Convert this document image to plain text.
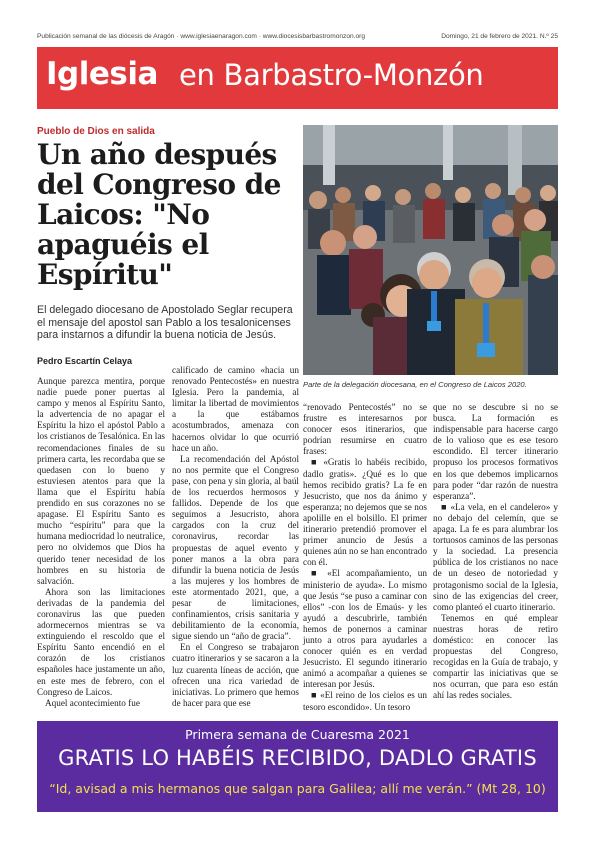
Publicación semanal de las diócesis de Aragón · www.iglesiaenaragon.com · www.diocesisbarbastromonzon.org	Domingo, 21 de febrero de 2021. N.º 25
Iglesia en Barbastro-Monzón
Pueblo de Dios en salida
Un año después del Congreso de Laicos: "No apaguéis el Espíritu"
El delegado diocesano de Apostolado Seglar recupera el mensaje del apostol san Pablo a los tesalonicenses para instarnos a difundir la buena noticia de Jesús.
Pedro Escartín Celaya
Parte de la delegación diocesana, en el Congreso de Laicos 2020.

Aunque parezca mentira, porque nadie puede poner puertas al campo y menos al Espíritu Santo, la advertencia de no apagar el Espíritu la hizo el apóstol Pablo a los cristianos de Tesalónica. En las recomendaciones finales de su primera carta, les recordaba que se quedasen con lo bueno y estuviesen atentos para que la llama que el Espíritu había prendido en sus corazones no se apagase. El Espíritu Santo es mucho “espíritu” para que la humana mediocridad lo neutralice, pero no olvidemos que Dios ha querido tener necesidad de los hombres en su historia de salvación.

Ahora son las limitaciones derivadas de la pandemia del coronavirus las que pueden adormecernos mientras se va extinguiendo el rescoldo que el Espíritu Santo encendió en el corazón de los cristianos españoles hace justamente un año, en este mes de febrero, con el Congreso de Laicos.

Aquel acontecimiento fue

calificado de camino «hacia un renovado Pentecostés» en nuestra Iglesia. Pero la pandemia, al limitar la libertad de movimientos a la que estábamos acostumbrados, amenaza con hacernos olvidar lo que ocurrió hace un año.

La recomendación del Apóstol no nos permite que el Congreso pase, con pena y sin gloria, al baúl de los recuerdos hermosos y fallidos. Depende de los que seguimos a Jesucristo, ahora cargados con la cruz del coronavirus, recordar las propuestas de aquel evento y poner manos a la obra para difundir la buena noticia de Jesús a las mujeres y los hombres de este atormentado 2021, que, a pesar de limitaciones, confinamientos, crisis sanitaria y debilitamiento de la economía, sigue siendo un “año de gracia”.

En el Congreso se trabajaron cuatro itinerarios y se sacaron a la luz cuarenta líneas de acción, que ofrecen una rica variedad de iniciativas. Lo primero que hemos de hacer para que ese

“renovado Pentecostés” no se frustre es interesarnos por conocer esos itinerarios, que podrían resumirse en cuatro frases:

■ «Gratis lo habéis recibido, dadlo gratis». ¿Qué es lo que hemos recibido gratis? La fe en Jesucristo, que nos da ánimo y esperanza; no dejemos que se nos apolille en el bolsillo. El primer itinerario pretendió promover el primer anuncio de Jesús a quienes aún no se han encontrado con él.

■ «El acompañamiento, un ministerio de ayuda». Lo mismo que Jesús “se puso a caminar con ellos” -con los de Emaús- y les ayudó a descubrirle, también hemos de ponernos a caminar junto a otros para ayudarles a conocer quién es en verdad Jesucristo. El segundo itinerario animó a acompañar a quienes se interesan por Jesús.

■ «El reino de los cielos es un tesoro escondido». Un tesoro

que no se descubre si no se busca. La formación es indispensable para hacerse cargo de lo valioso que es ese tesoro escondido. El tercer itinerario propuso los procesos formativos en los que debemos implicarnos para poder “dar razón de nuestra esperanza”.

■ «La vela, en el candelero» y no debajo del celemín, que se apaga. La fe es para alumbrar los tortuosos caminos de las personas y la sociedad. La presencia pública de los cristianos no nace de un deseo de notoriedad y protagonismo social de la Iglesia, sino de las exigencias del creer, como planteó el cuarto itinerario.

Tenemos en qué emplear nuestras horas de retiro doméstico: en conocer las propuestas del Congreso, recogidas en la Guía de trabajo, y compartir las iniciativas que se nos ocurran, que para eso están ahí las redes sociales.

Primera semana de Cuaresma 2021
GRATIS LO HABÉIS RECIBIDO, DADLO GRATIS
“Id, avisad a mis hermanos que salgan para Galilea; allí me verán.” (Mt 28, 10)
